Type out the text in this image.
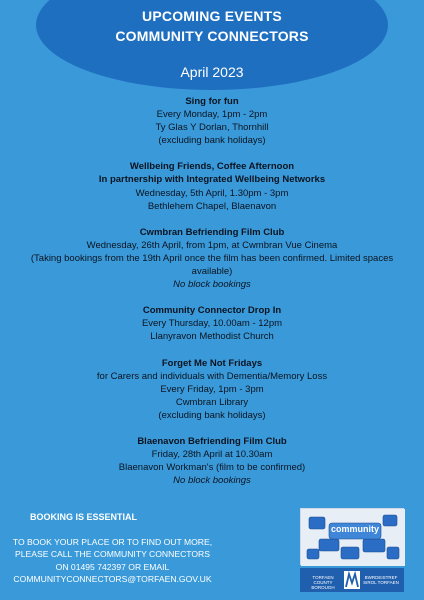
UPCOMING EVENTS
COMMUNITY CONNECTORS
April 2023
Sing for fun
Every Monday, 1pm - 2pm
Ty Glas Y Dorlan, Thornhill
(excluding bank holidays)
Wellbeing Friends, Coffee Afternoon
In partnership with Integrated Wellbeing Networks
Wednesday, 5th April, 1.30pm - 3pm
Bethlehem Chapel, Blaenavon
Cwmbran Befriending Film Club
Wednesday, 26th April, from 1pm, at Cwmbran Vue Cinema
(Taking bookings from the 19th April once the film has been confirmed. Limited spaces available)
No block bookings
Community Connector Drop In
Every Thursday, 10.00am - 12pm
Llanyravon Methodist Church
Forget Me Not Fridays
for Carers and individuals with Dementia/Memory Loss
Every Friday, 1pm - 3pm
Cwmbran Library
(excluding bank holidays)
Blaenavon Befriending Film Club
Friday, 28th April at 10.30am
Blaenavon Workman's (film to be confirmed)
No block bookings
BOOKING IS ESSENTIAL
TO BOOK YOUR PLACE OR TO FIND OUT MORE,
PLEASE CALL THE COMMUNITY CONNECTORS
ON 01495 742397 OR EMAIL
COMMUNITYCONNECTORS@TORFAEN.GOV.UK
community
TORFAEN COUNTY BOROUGH
BWRDEISTREF SIROL TORFAEN
